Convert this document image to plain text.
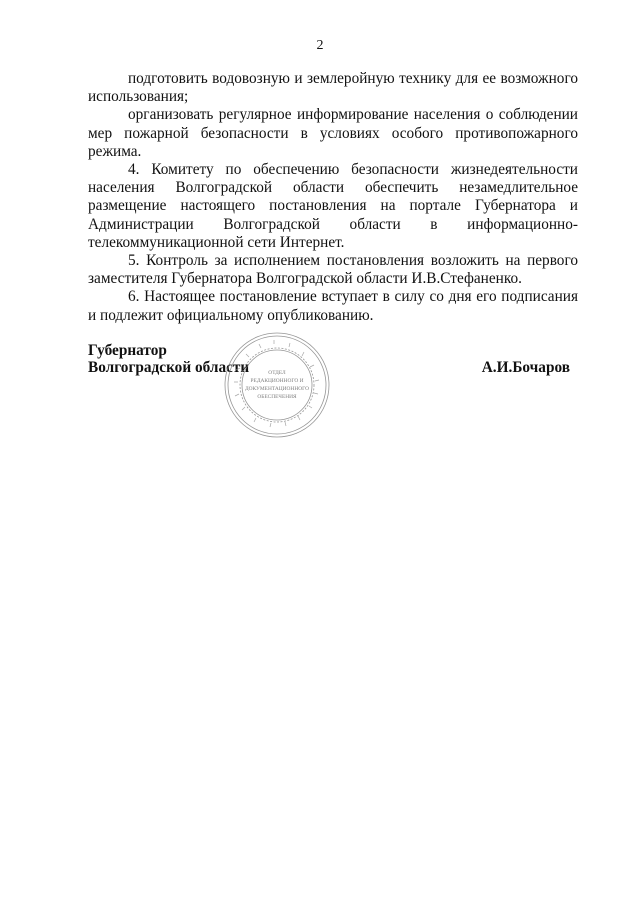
2

подготовить водовозную и землеройную технику для ее возможного использования;

организовать регулярное информирование населения о соблюдении мер пожарной безопасности в условиях особого противопожарного режима.

4. Комитету по обеспечению безопасности жизнедеятельности населения Волгоградской области обеспечить незамедлительное размещение настоящего постановления на портале Губернатора и Администрации Волгоградской области в информационно-телекоммуникационной сети Интернет.

5. Контроль за исполнением постановления возложить на первого заместителя Губернатора Волгоградской области И.В.Стефаненко.

6. Настоящее постановление вступает в силу со дня его подписания и подлежит официальному опубликованию.

Губернатор
Волгоградской области	А.И.Бочаров
ОТДЕЛ
РЕДАКЦИОННОГО И
ДОКУМЕНТАЦИОННОГО
ОБЕСПЕЧЕНИЯ
